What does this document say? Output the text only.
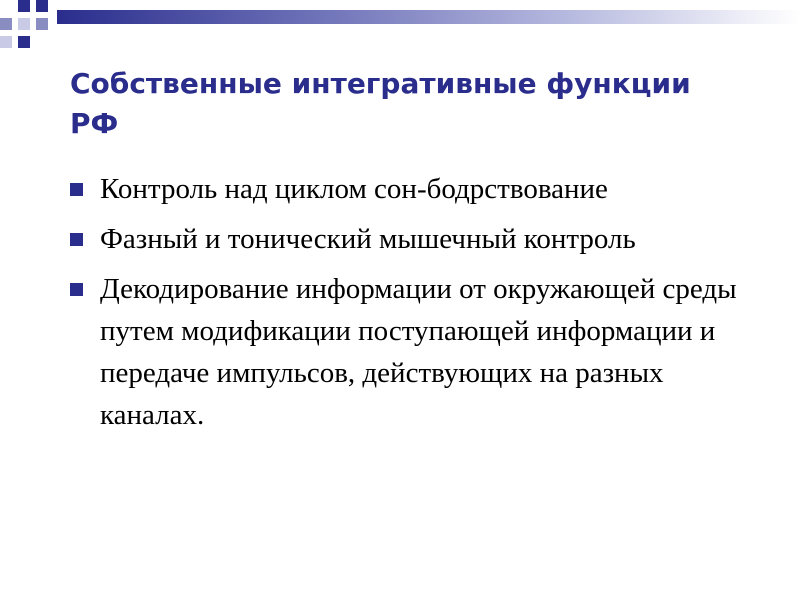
Собственные интегративные функции РФ
Контроль над циклом сон-бодрствование
Фазный и тонический мышечный контроль
Декодирование информации от окружающей среды путем модификации поступающей информации и передаче импульсов, действующих на разных каналах.
